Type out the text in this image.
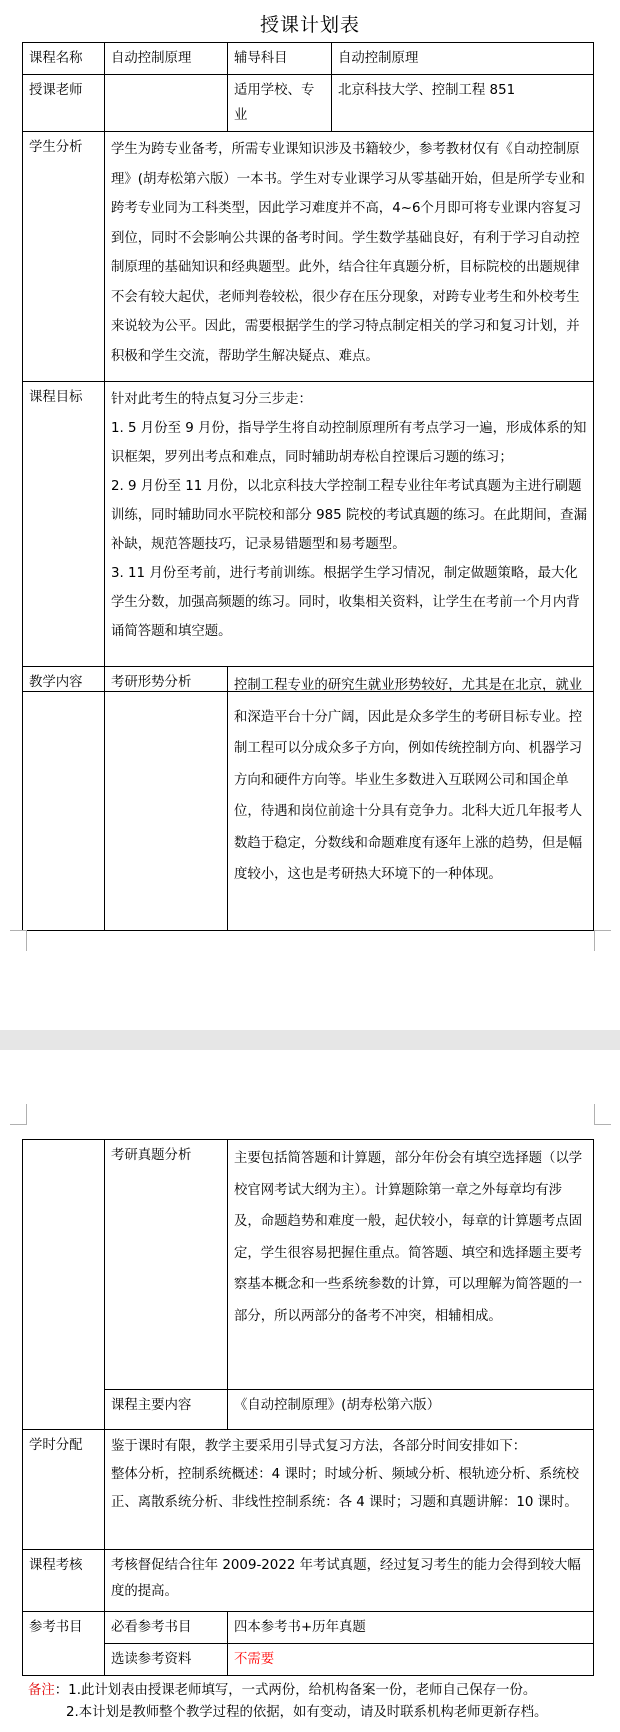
授课计划表
课程名称	自动控制原理	辅导科目	自动控制原理
授课老师		适用学校、专业	北京科技大学、控制工程 851
学生分析	学生为跨专业备考，所需专业课知识涉及书籍较少，参考教材仅有《自动控制原理》(胡寿松第六版）一本书。学生对专业课学习从零基础开始，但是所学专业和跨考专业同为工科类型，因此学习难度并不高，4~6个月即可将专业课内容复习到位，同时不会影响公共课的备考时间。学生数学基础良好，有利于学习自动控制原理的基础知识和经典题型。此外，结合往年真题分析，目标院校的出题规律不会有较大起伏，老师判卷较松，很少存在压分现象，对跨专业考生和外校考生来说较为公平。因此，需要根据学生的学习特点制定相关的学习和复习计划，并积极和学生交流，帮助学生解决疑点、难点。		
课程目标	针对此考生的特点复习分三步走：

1. 5 月份至 9 月份，指导学生将自动控制原理所有考点学习一遍，形成体系的知识框架，罗列出考点和难点，同时辅助胡寿松自控课后习题的练习；

2. 9 月份至 11 月份，以北京科技大学控制工程专业往年考试真题为主进行刷题训练，同时辅助同水平院校和部分 985 院校的考试真题的练习。在此期间，查漏补缺，规范答题技巧，记录易错题型和易考题型。

3. 11 月份至考前，进行考前训练。根据学生学习情况，制定做题策略，最大化学生分数，加强高频题的练习。同时，收集相关资料，让学生在考前一个月内背诵简答题和填空题。		

教学内容	考研形势分析	控制工程专业的研究生就业形势较好，尤其是在北京，就业和深造平台十分广阔，因此是众多学生的考研目标专业。控制工程可以分成众多子方向，例如传统控制方向、机器学习方向和硬件方向等。毕业生多数进入互联网公司和国企单位，待遇和岗位前途十分具有竞争力。北科大近几年报考人数趋于稳定，分数线和命题难度有逐年上涨的趋势，但是幅度较小，这也是考研热大环境下的一种体现。
	考研真题分析	主要包括简答题和计算题，部分年份会有填空选择题（以学校官网考试大纲为主）。计算题除第一章之外每章均有涉及，命题趋势和难度一般，起伏较小，每章的计算题考点固定，学生很容易把握住重点。简答题、填空和选择题主要考察基本概念和一些系统参数的计算，可以理解为简答题的一部分，所以两部分的备考不冲突，相辅相成。
	课程主要内容	《自动控制原理》(胡寿松第六版）
学时分配	鉴于课时有限，教学主要采用引导式复习方法，各部分时间安排如下：

整体分析，控制系统概述：4 课时；时域分析、频域分析、根轨迹分析、系统校正、离散系统分析、非线性控制系统：各 4 课时；习题和真题讲解：10 课时。	

课程考核	考核督促结合往年 2009-2022 年考试真题，经过复习考生的能力会得到较大幅度的提高。	
参考书目	必看参考书目	四本参考书+历年真题
	选读参考资料	不需要
备注：1.此计划表由授课老师填写，一式两份，给机构备案一份，老师自己保存一份。
2.本计划是教师整个教学过程的依据，如有变动，请及时联系机构老师更新存档。
